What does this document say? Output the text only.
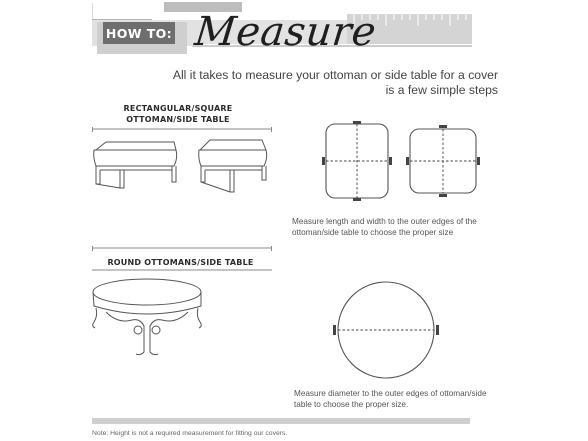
HOW TO: Measure
All it takes to measure your ottoman or side table for a cover is a few simple steps
RECTANGULAR/SQUARE
OTTOMAN/SIDE TABLE
Measure length and width to the outer edges of the
ottoman/side table to choose the proper size
ROUND OTTOMANS/SIDE TABLE
Measure diameter to the outer edges of ottoman/side
table to choose the proper size.
Note: Height is not a required measurement for fitting our covers.
